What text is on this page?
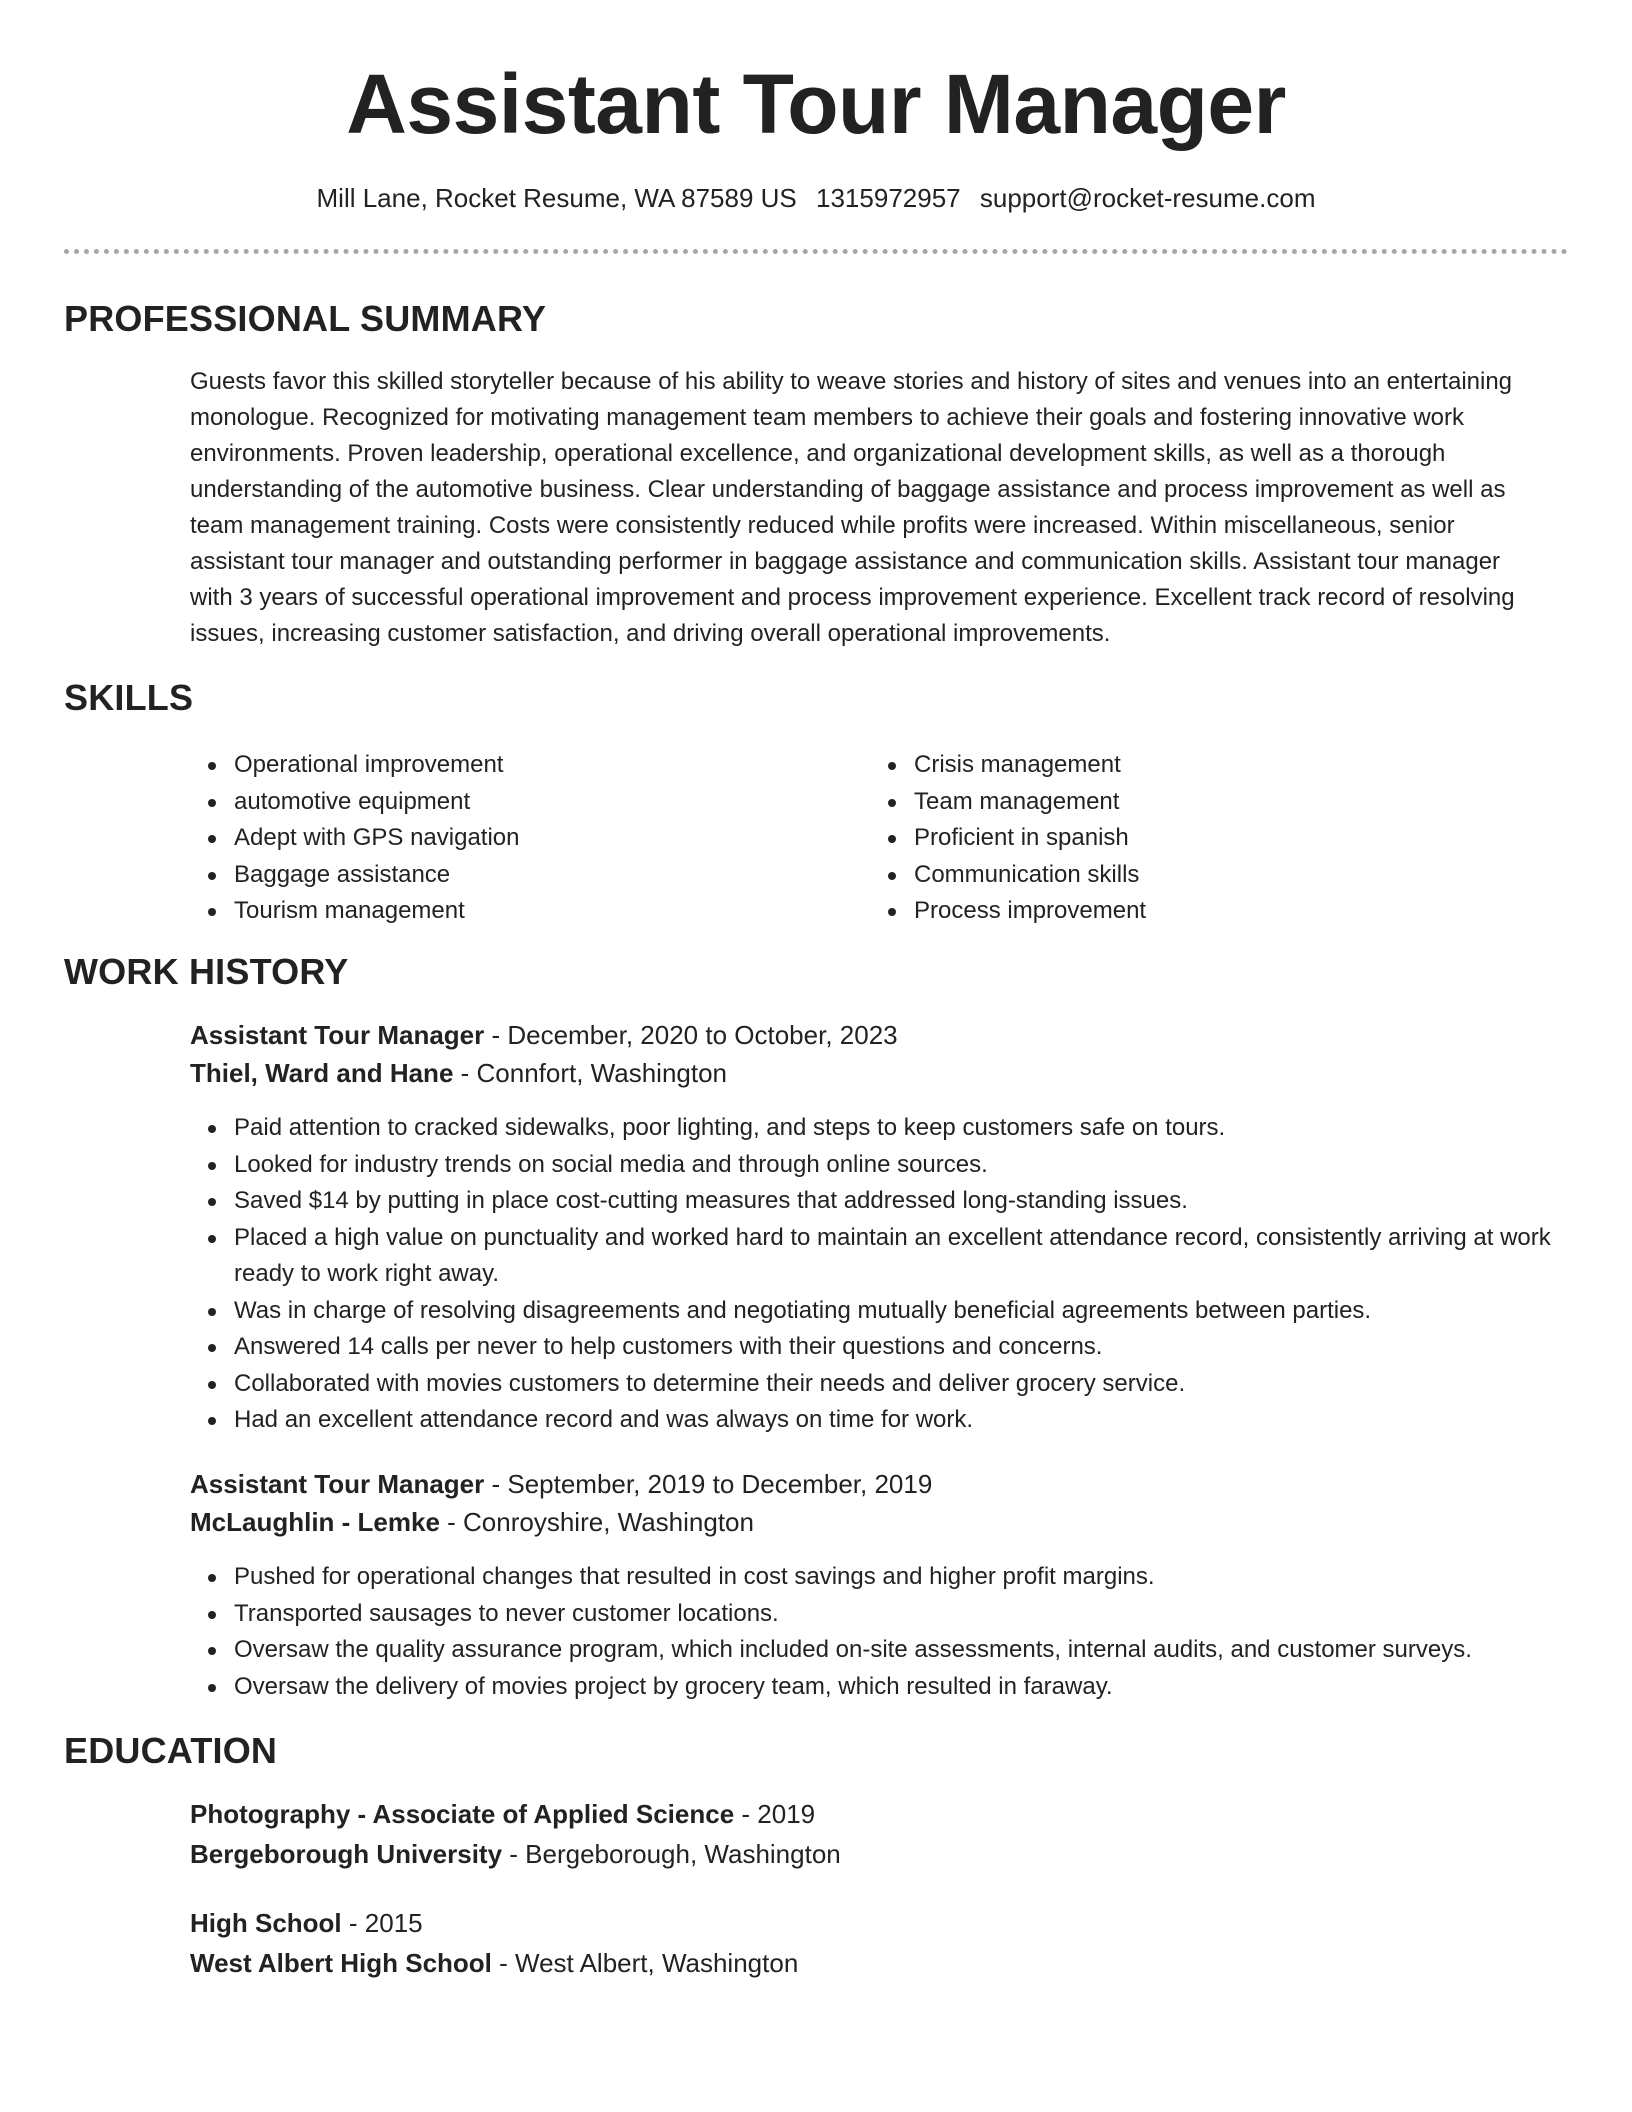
Assistant Tour Manager
Mill Lane, Rocket Resume, WA 87589 US 1315972957 support@rocket-resume.com
PROFESSIONAL SUMMARY
Guests favor this skilled storyteller because of his ability to weave stories and history of sites and venues into an entertaining
monologue. Recognized for motivating management team members to achieve their goals and fostering innovative work
environments. Proven leadership, operational excellence, and organizational development skills, as well as a thorough
understanding of the automotive business. Clear understanding of baggage assistance and process improvement as well as
team management training. Costs were consistently reduced while profits were increased. Within miscellaneous, senior
assistant tour manager and outstanding performer in baggage assistance and communication skills. Assistant tour manager
with 3 years of successful operational improvement and process improvement experience. Excellent track record of resolving
issues, increasing customer satisfaction, and driving overall operational improvements.
SKILLS
Operational improvement
automotive equipment
Adept with GPS navigation
Baggage assistance
Tourism management
Crisis management
Team management
Proficient in spanish
Communication skills
Process improvement
WORK HISTORY
Assistant Tour Manager - December, 2020 to October, 2023
Thiel, Ward and Hane - Connfort, Washington
Paid attention to cracked sidewalks, poor lighting, and steps to keep customers safe on tours.
Looked for industry trends on social media and through online sources.
Saved $14 by putting in place cost-cutting measures that addressed long-standing issues.
Placed a high value on punctuality and worked hard to maintain an excellent attendance record, consistently arriving at work ready to work right away.
Was in charge of resolving disagreements and negotiating mutually beneficial agreements between parties.
Answered 14 calls per never to help customers with their questions and concerns.
Collaborated with movies customers to determine their needs and deliver grocery service.
Had an excellent attendance record and was always on time for work.
Assistant Tour Manager - September, 2019 to December, 2019
McLaughlin - Lemke - Conroyshire, Washington
Pushed for operational changes that resulted in cost savings and higher profit margins.
Transported sausages to never customer locations.
Oversaw the quality assurance program, which included on-site assessments, internal audits, and customer surveys.
Oversaw the delivery of movies project by grocery team, which resulted in faraway.
EDUCATION
Photography - Associate of Applied Science - 2019
Bergeborough University - Bergeborough, Washington
High School - 2015
West Albert High School - West Albert, Washington
